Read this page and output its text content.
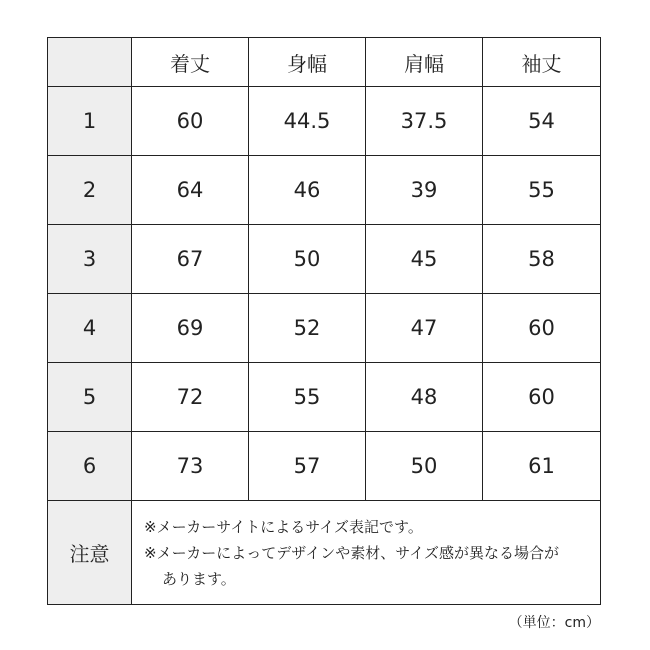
	着丈	身幅	肩幅	袖丈
1	60	44.5	37.5	54
2	64	46	39	55
3	67	50	45	58
4	69	52	47	60
5	72	55	48	60
6	73	57	50	61
注意	※メーカーサイトによるサイズ表記です。
※メーカーによってデザインや素材、サイズ感が異なる場合が

あります。			
（単位：cm）
